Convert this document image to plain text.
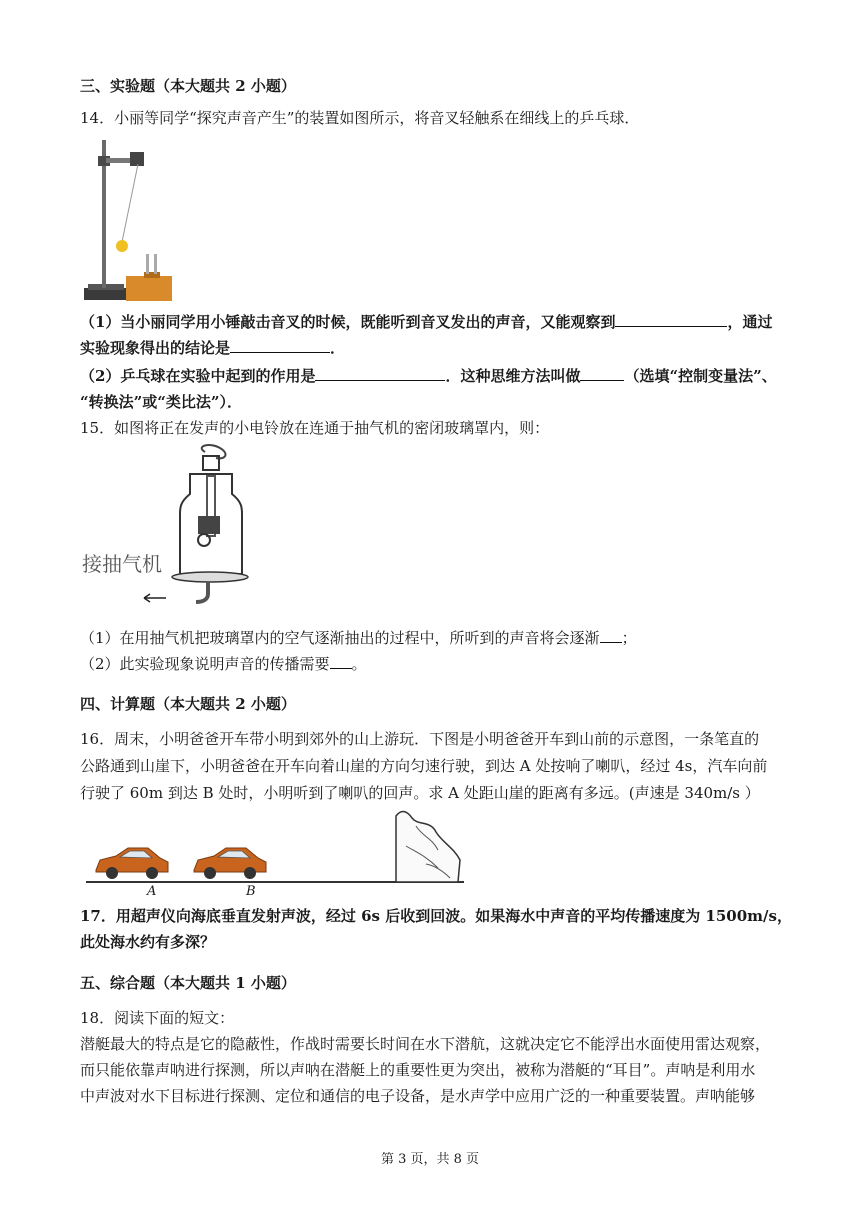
三、实验题（本大题共 2 小题）
14．小丽等同学“探究声音产生”的装置如图所示，将音叉轻触系在细线上的乒乓球．
（1）当小丽同学用小锤敲击音叉的时候，既能听到音叉发出的声音，又能观察到	，通过
实验现象得出的结论是	．
（2）乒乓球在实验中起到的作用是	．这种思维方法叫做	（选填“控制变量法”、
“转换法”或“类比法”）．
15．如图将正在发声的小电铃放在连通于抽气机的密闭玻璃罩内，则：
接抽气机
（1）在用抽气机把玻璃罩内的空气逐渐抽出的过程中，所听到的声音将会逐渐 ；
（2）此实验现象说明声音的传播需要 。
四、计算题（本大题共 2 小题）
16．周末，小明爸爸开车带小明到郊外的山上游玩．下图是小明爸爸开车到山前的示意图，一条笔直的
公路通到山崖下，小明爸爸在开车向着山崖的方向匀速行驶，到达 A 处按响了喇叭，经过 4s，汽车向前
行驶了 60m 到达 B 处时，小明听到了喇叭的回声。求 A 处距山崖的距离有多远。(声速是 340m/s ）
A	B
17．用超声仪向海底垂直发射声波，经过 6s 后收到回波。如果海水中声音的平均传播速度为 1500m/s，
此处海水约有多深？
五、综合题（本大题共 1 小题）
18．阅读下面的短文：
潜艇最大的特点是它的隐蔽性，作战时需要长时间在水下潜航，这就决定它不能浮出水面使用雷达观察，
而只能依靠声呐进行探测，所以声呐在潜艇上的重要性更为突出，被称为潜艇的“耳目”。声呐是利用水
中声波对水下目标进行探测、定位和通信的电子设备，是水声学中应用广泛的一种重要装置。声呐能够
第 3 页，共 8 页
